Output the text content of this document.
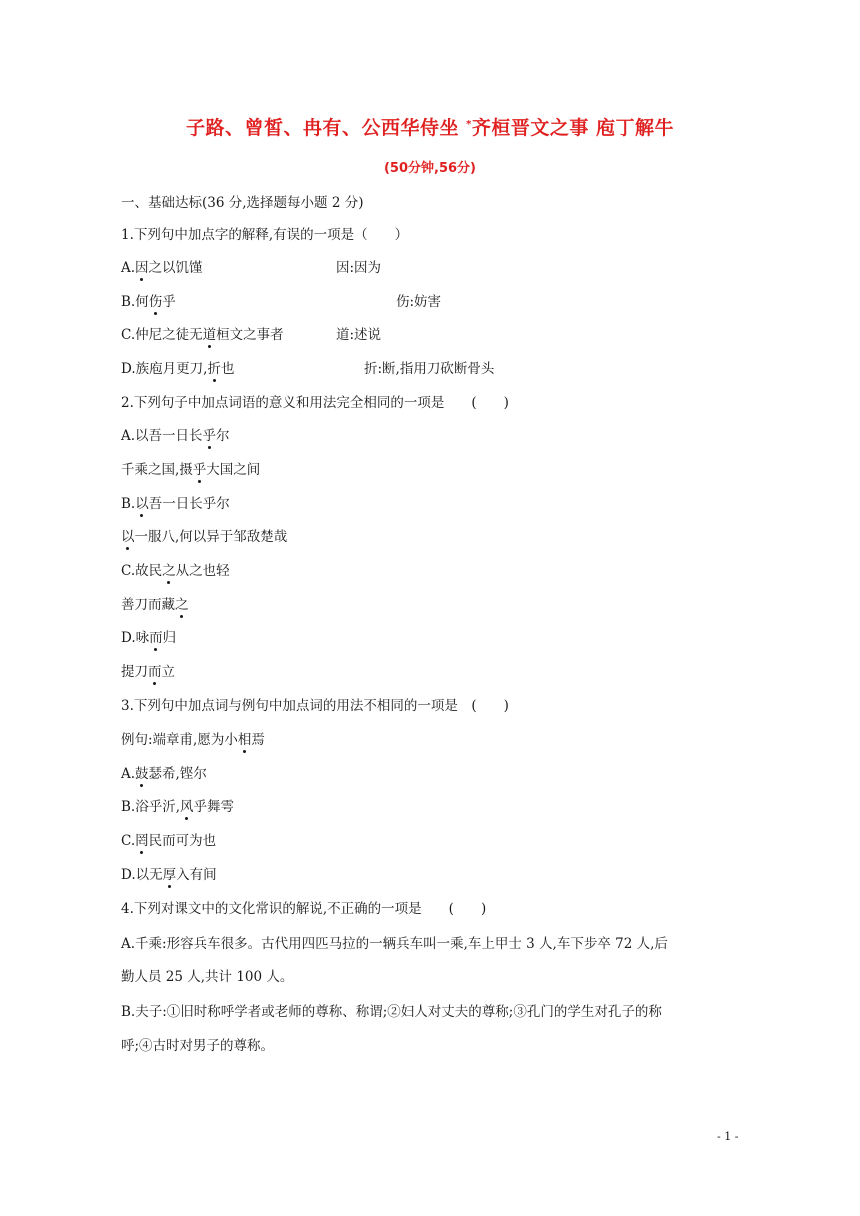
子路、曾皙、冉有、公西华侍坐 *齐桓晋文之事 庖丁解牛
(50分钟,56分)
一、基础达标(36 分,选择题每小题 2 分)
1.下列句中加点字的解释,有误的一项是（　　）
A.因之以饥馑	因:因为
B.何伤乎	伤:妨害
C.仲尼之徒无道桓文之事者	道:述说
D.族庖月更刀,折也	折:断,指用刀砍断骨头
2.下列句子中加点词语的意义和用法完全相同的一项是　　(　　)
A.以吾一日长乎尔
千乘之国,摄乎大国之间
B.以吾一日长乎尔
以一服八,何以异于邹敌楚哉
C.故民之从之也轻
善刀而藏之
D.咏而归
提刀而立
3.下列句中加点词与例句中加点词的用法不相同的一项是　(　　)
例句:端章甫,愿为小相焉
A.鼓瑟希,铿尔
B.浴乎沂,风乎舞雩
C.罔民而可为也
D.以无厚入有间
4.下列对课文中的文化常识的解说,不正确的一项是　　(　　)
A.千乘:形容兵车很多。古代用四匹马拉的一辆兵车叫一乘,车上甲士 3 人,车下步卒 72 人,后
勤人员 25 人,共计 100 人。
B.夫子:①旧时称呼学者或老师的尊称、称谓;②妇人对丈夫的尊称;③孔门的学生对孔子的称
呼;④古时对男子的尊称。
- 1 -
